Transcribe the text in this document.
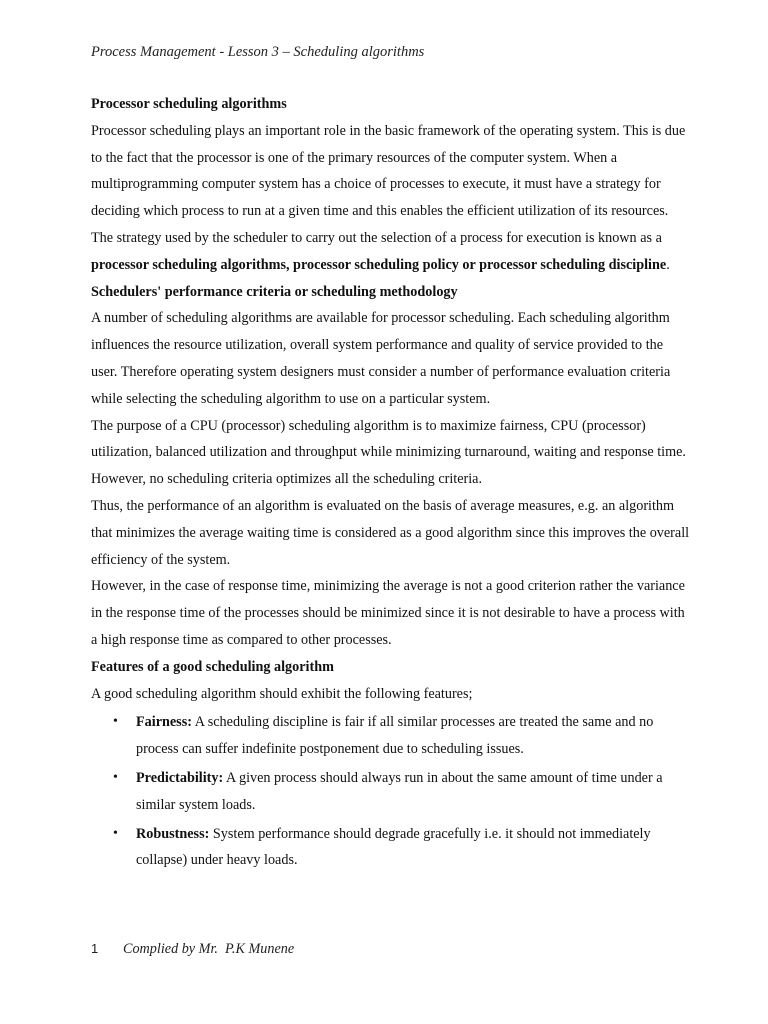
Process Management - Lesson 3 – Scheduling algorithms

Processor scheduling algorithms

Processor scheduling plays an important role in the basic framework of the operating system. This is due to the fact that the processor is one of the primary resources of the computer system. When a multiprogramming computer system has a choice of processes to execute, it must have a strategy for deciding which process to run at a given time and this enables the efficient utilization of its resources. The strategy used by the scheduler to carry out the selection of a process for execution is known as a processor scheduling algorithms, processor scheduling policy or processor scheduling discipline.

Schedulers' performance criteria or scheduling methodology

A number of scheduling algorithms are available for processor scheduling. Each scheduling algorithm influences the resource utilization, overall system performance and quality of service provided to the user. Therefore operating system designers must consider a number of performance evaluation criteria while selecting the scheduling algorithm to use on a particular system.

The purpose of a CPU (processor) scheduling algorithm is to maximize fairness, CPU (processor) utilization, balanced utilization and throughput while minimizing turnaround, waiting and response time. However, no scheduling criteria optimizes all the scheduling criteria.

Thus, the performance of an algorithm is evaluated on the basis of average measures, e.g. an algorithm that minimizes the average waiting time is considered as a good algorithm since this improves the overall efficiency of the system.

However, in the case of response time, minimizing the average is not a good criterion rather the variance in the response time of the processes should be minimized since it is not desirable to have a process with a high response time as compared to other processes.

Features of a good scheduling algorithm

A good scheduling algorithm should exhibit the following features;

• Fairness: A scheduling discipline is fair if all similar processes are treated the same and no process can suffer indefinite postponement due to scheduling issues.
• Predictability: A given process should always run in about the same amount of time under a similar system loads.
• Robustness: System performance should degrade gracefully i.e. it should not immediately collapse) under heavy loads.
1 Complied by Mr.  P.K Munene
